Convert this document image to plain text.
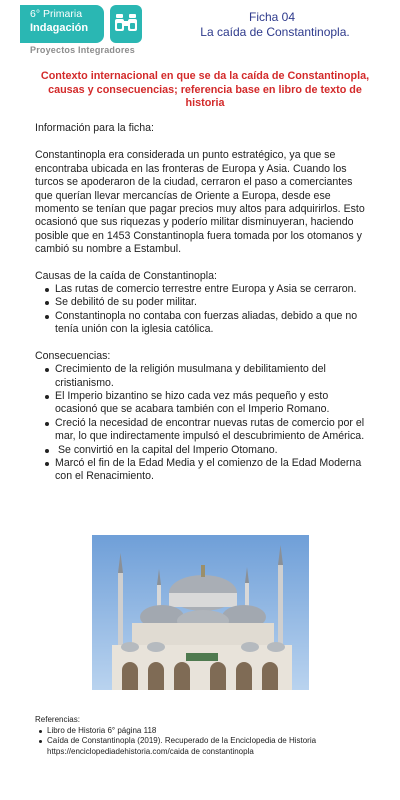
6° Primaria
Indagación
Proyectos Integradores
Ficha 04
La caída de Constantinopla.
Contexto internacional en que se da la caída de Constantinopla, causas y consecuencias; referencia base en libro de texto de historia

Información para la ficha:

Constantinopla era considerada un punto estratégico, ya que se encontraba ubicada en las fronteras de Europa y Asia. Cuando los turcos se apoderaron de la ciudad, cerraron el paso a comerciantes que querían llevar mercancías de Oriente a Europa, desde ese momento se tenían que pagar precios muy altos para adquirirlos. Esto ocasionó que sus riquezas y poderío militar disminuyeran, haciendo posible que en 1453 Constantinopla fuera tomada por los otomanos y cambió su nombre a Estambul.

Causas de la caída de Constantinopla:
Las rutas de comercio terrestre entre Europa y Asia se cerraron.
Se debilitó de su poder militar.
Constantinopla no contaba con fuerzas aliadas, debido a que no tenía unión con la iglesia católica.
Consecuencias:
Crecimiento de la religión musulmana y debilitamiento del cristianismo.
El Imperio bizantino se hizo cada vez más pequeño y esto ocasionó que se acabara también con el Imperio Romano.
Creció la necesidad de encontrar nuevas rutas de comercio por el mar, lo que indirectamente impulsó el descubrimiento de América.
Se convirtió en la capital del Imperio Otomano.
Marcó el fin de la Edad Media y el comienzo de la Edad Moderna con el Renacimiento.
Referencias:
Libro de Historia 6° página 118
Caída de Constantinopla (2019). Recuperado de la Enciclopedia de Historia https://enciclopediadehistoria.com/caida de constantinopla
